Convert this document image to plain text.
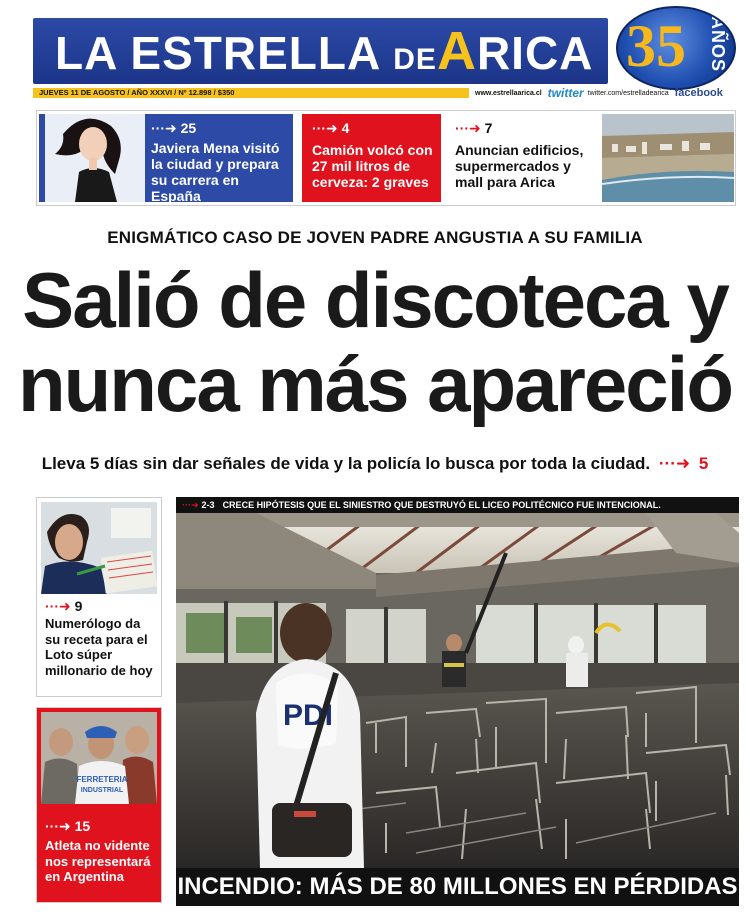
LA ESTRELLA DEARICA 35 AÑOS
JUEVES 11 DE AGOSTO / AÑO XXXVI / Nº 12.898 / $350	www.estrellaarica.cl twitter twitter.com/estrelladearica facebook
···➜ 25
Javiera Mena visitó la ciudad y prepara su carrera en España
···➜ 4
Camión volcó con 27 mil litros de cerveza: 2 graves
···➜ 7
Anuncian edificios, supermercados y mall para Arica
ENIGMÁTICO CASO DE JOVEN PADRE ANGUSTIA A SU FAMILIA
Salió de discoteca y
nunca más apareció
Lleva 5 días sin dar señales de vida y la policía lo busca por toda la ciudad. ···➜ 5
···➜ 9
Numerólogo da su receta para el Loto súper millonario de hoy
FERRETERIA
INDUSTRIAL
···➜ 15
Atleta no vidente nos representará en Argentina
···➜ 2-3 CRECE HIPÓTESIS QUE EL SINIESTRO QUE DESTRUYÓ EL LICEO POLITÉCNICO FUE INTENCIONAL.
PDI
INCENDIO: MÁS DE 80 MILLONES EN PÉRDIDAS
